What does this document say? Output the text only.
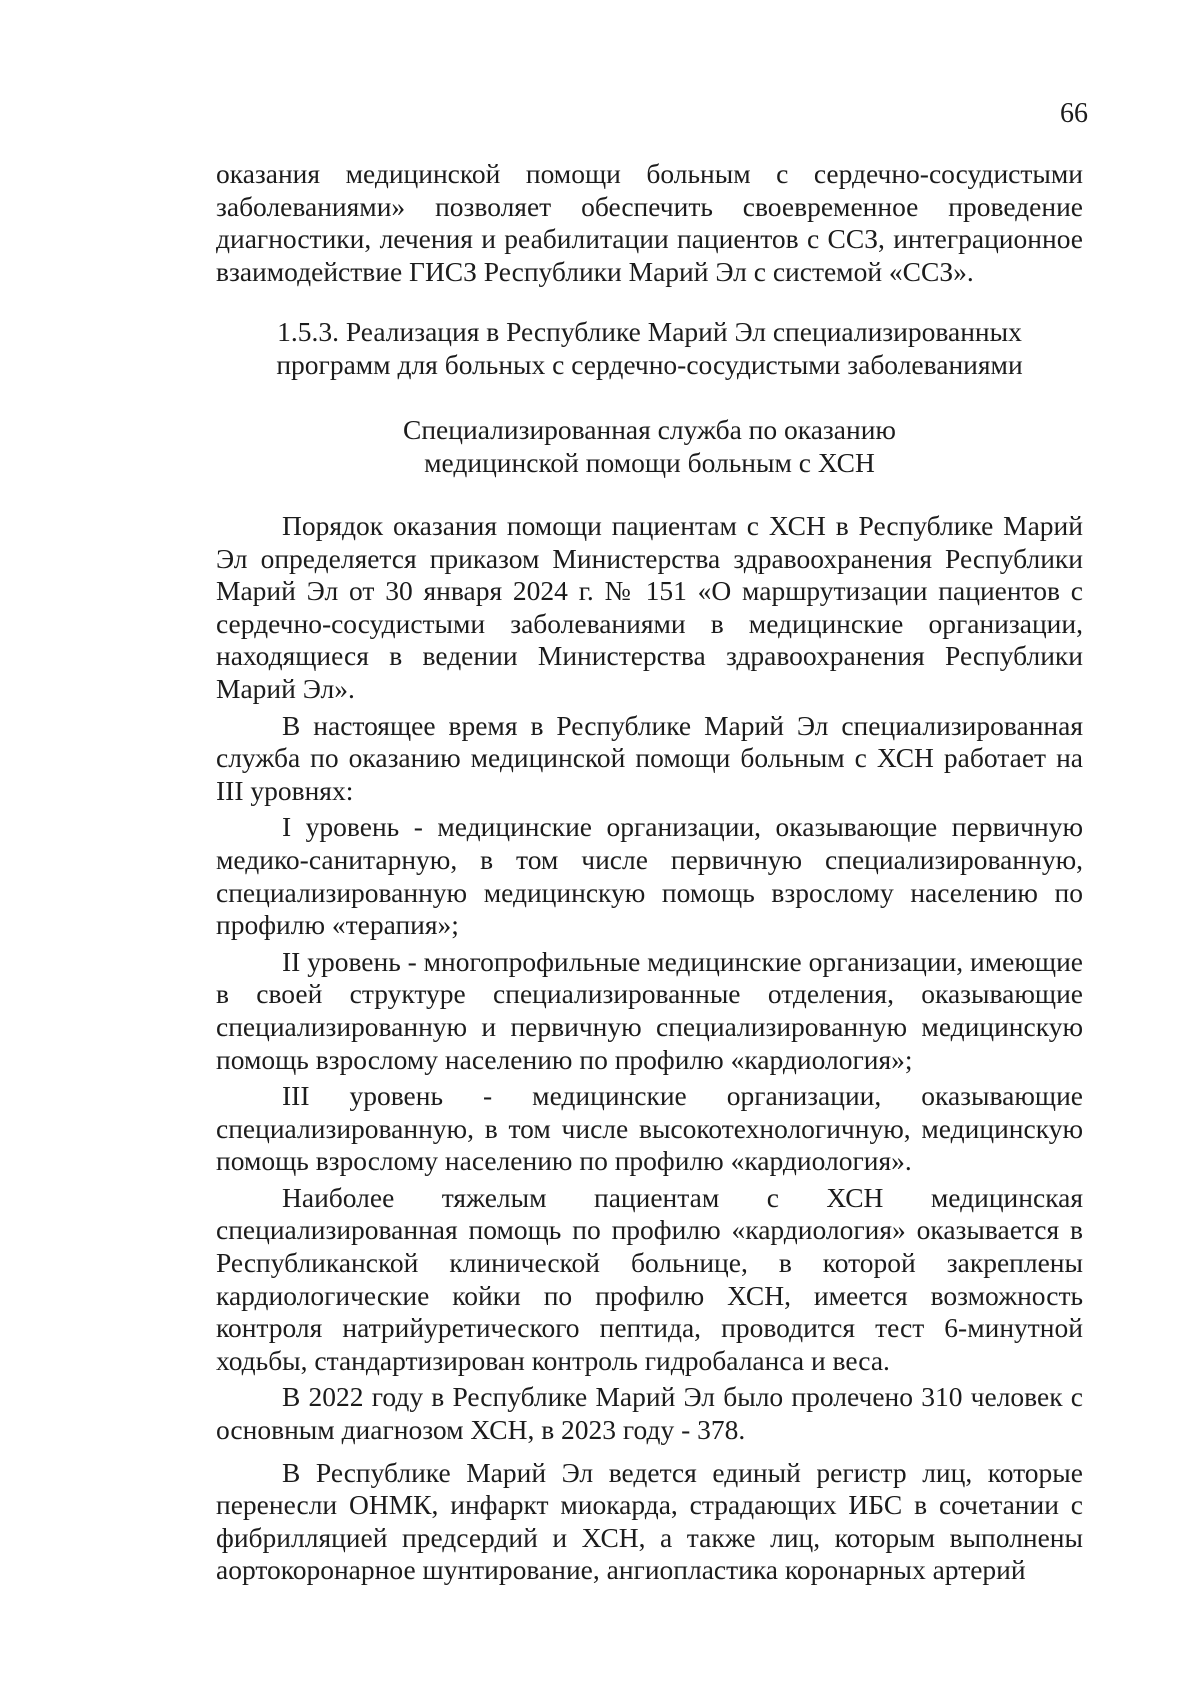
66

оказания медицинской помощи больным с сердечно-сосудистыми заболеваниями» позволяет обеспечить своевременное проведение диагностики, лечения и реабилитации пациентов с ССЗ, интеграционное взаимодействие ГИСЗ Республики Марий Эл с системой «ССЗ».

1.5.3. Реализация в Республике Марий Эл специализированных
программ для больных с сердечно-сосудистыми заболеваниями
Специализированная служба по оказанию
медицинской помощи больным с ХСН

Порядок оказания помощи пациентам с ХСН в Республике Марий Эл определяется приказом Министерства здравоохранения Республики Марий Эл от 30 января 2024 г. № 151 «О маршрутизации пациентов с сердечно-сосудистыми заболеваниями в медицинские организации, находящиеся в ведении Министерства здравоохранения Республики Марий Эл».

В настоящее время в Республике Марий Эл специализированная служба по оказанию медицинской помощи больным с ХСН работает на III уровнях:

I уровень - медицинские организации, оказывающие первичную медико-санитарную, в том числе первичную специализированную, специализированную медицинскую помощь взрослому населению по профилю «терапия»;

II уровень - многопрофильные медицинские организации, имеющие в своей структуре специализированные отделения, оказывающие специализированную и первичную специализированную медицинскую помощь взрослому населению по профилю «кардиология»;

III уровень - медицинские организации, оказывающие специализированную, в том числе высокотехнологичную, медицинскую помощь взрослому населению по профилю «кардиология».

Наиболее тяжелым пациентам с ХСН медицинская специализированная помощь по профилю «кардиология» оказывается в Республиканской клинической больнице, в которой закреплены кардиологические койки по профилю ХСН, имеется возможность контроля натрийуретического пептида, проводится тест 6-минутной ходьбы, стандартизирован контроль гидробаланса и веса.

В 2022 году в Республике Марий Эл было пролечено 310 человек с основным диагнозом ХСН, в 2023 году - 378.

В Республике Марий Эл ведется единый регистр лиц, которые перенесли ОНМК, инфаркт миокарда, страдающих ИБС в сочетании с фибрилляцией предсердий и ХСН, а также лиц, которым выполнены аортокоронарное шунтирование, ангиопластика коронарных артерий
